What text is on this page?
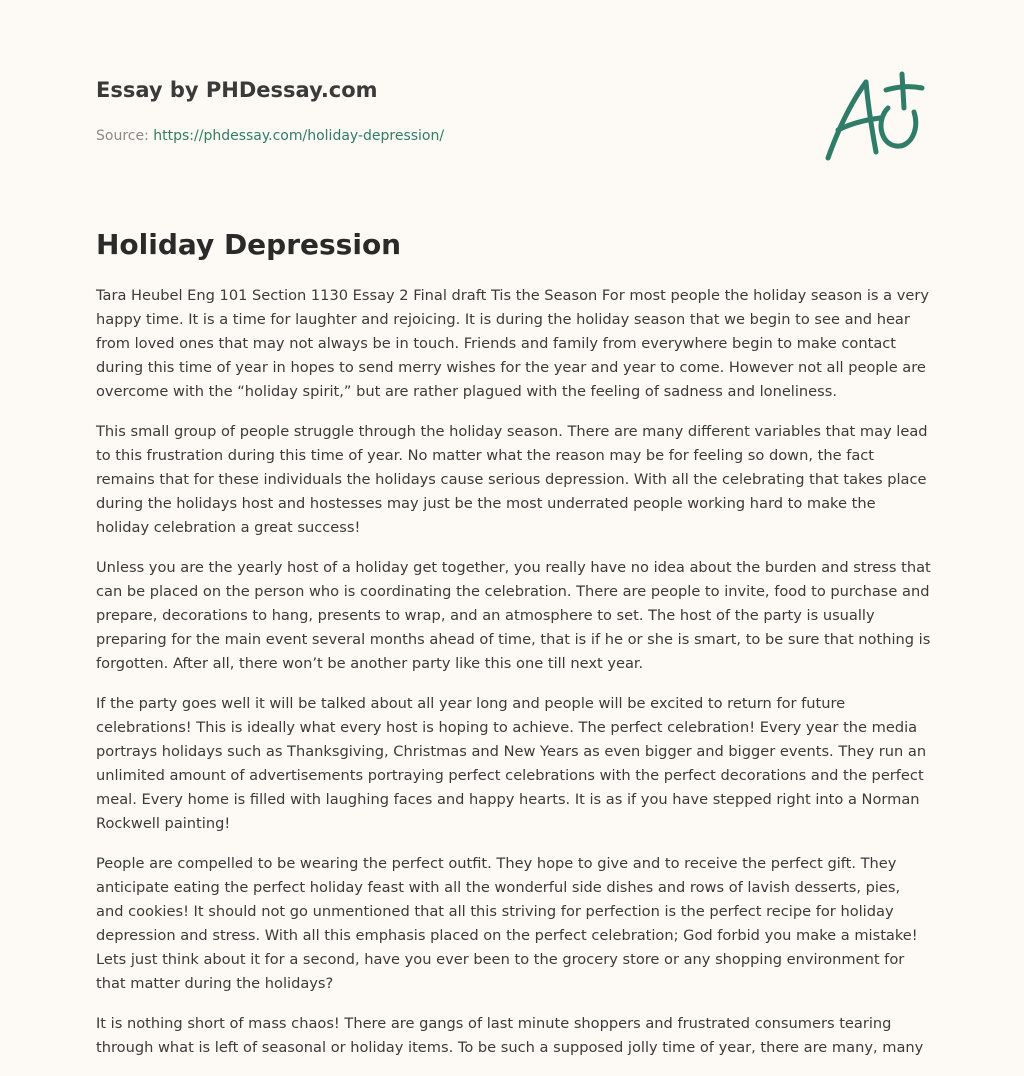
Essay by PHDessay.com
Source: https://phdessay.com/holiday-depression/
Holiday Depression

Tara Heubel Eng 101 Section 1130 Essay 2 Final draft Tis the Season For most people the holiday season is a very happy time. It is a time for laughter and rejoicing. It is during the holiday season that we begin to see and hear from loved ones that may not always be in touch. Friends and family from everywhere begin to make contact during this time of year in hopes to send merry wishes for the year and year to come. However not all people are overcome with the “holiday spirit,” but are rather plagued with the feeling of sadness and loneliness.

This small group of people struggle through the holiday season. There are many different variables that may lead to this frustration during this time of year. No matter what the reason may be for feeling so down, the fact remains that for these individuals the holidays cause serious depression. With all the celebrating that takes place during the holidays host and hostesses may just be the most underrated people working hard to make the holiday celebration a great success!

Unless you are the yearly host of a holiday get together, you really have no idea about the burden and stress that can be placed on the person who is coordinating the celebration. There are people to invite, food to purchase and prepare, decorations to hang, presents to wrap, and an atmosphere to set. The host of the party is usually preparing for the main event several months ahead of time, that is if he or she is smart, to be sure that nothing is forgotten. After all, there won’t be another party like this one till next year.

If the party goes well it will be talked about all year long and people will be excited to return for future celebrations! This is ideally what every host is hoping to achieve. The perfect celebration! Every year the media portrays holidays such as Thanksgiving, Christmas and New Years as even bigger and bigger events. They run an unlimited amount of advertisements portraying perfect celebrations with the perfect decorations and the perfect meal. Every home is filled with laughing faces and happy hearts. It is as if you have stepped right into a Norman Rockwell painting!

People are compelled to be wearing the perfect outfit. They hope to give and to receive the perfect gift. They anticipate eating the perfect holiday feast with all the wonderful side dishes and rows of lavish desserts, pies, and cookies! It should not go unmentioned that all this striving for perfection is the perfect recipe for holiday depression and stress. With all this emphasis placed on the perfect celebration; God forbid you make a mistake! Lets just think about it for a second, have you ever been to the grocery store or any shopping environment for that matter during the holidays?

It is nothing short of mass chaos! There are gangs of last minute shoppers and frustrated consumers tearing through what is left of seasonal or holiday items. To be such a supposed jolly time of year, there are many, many
